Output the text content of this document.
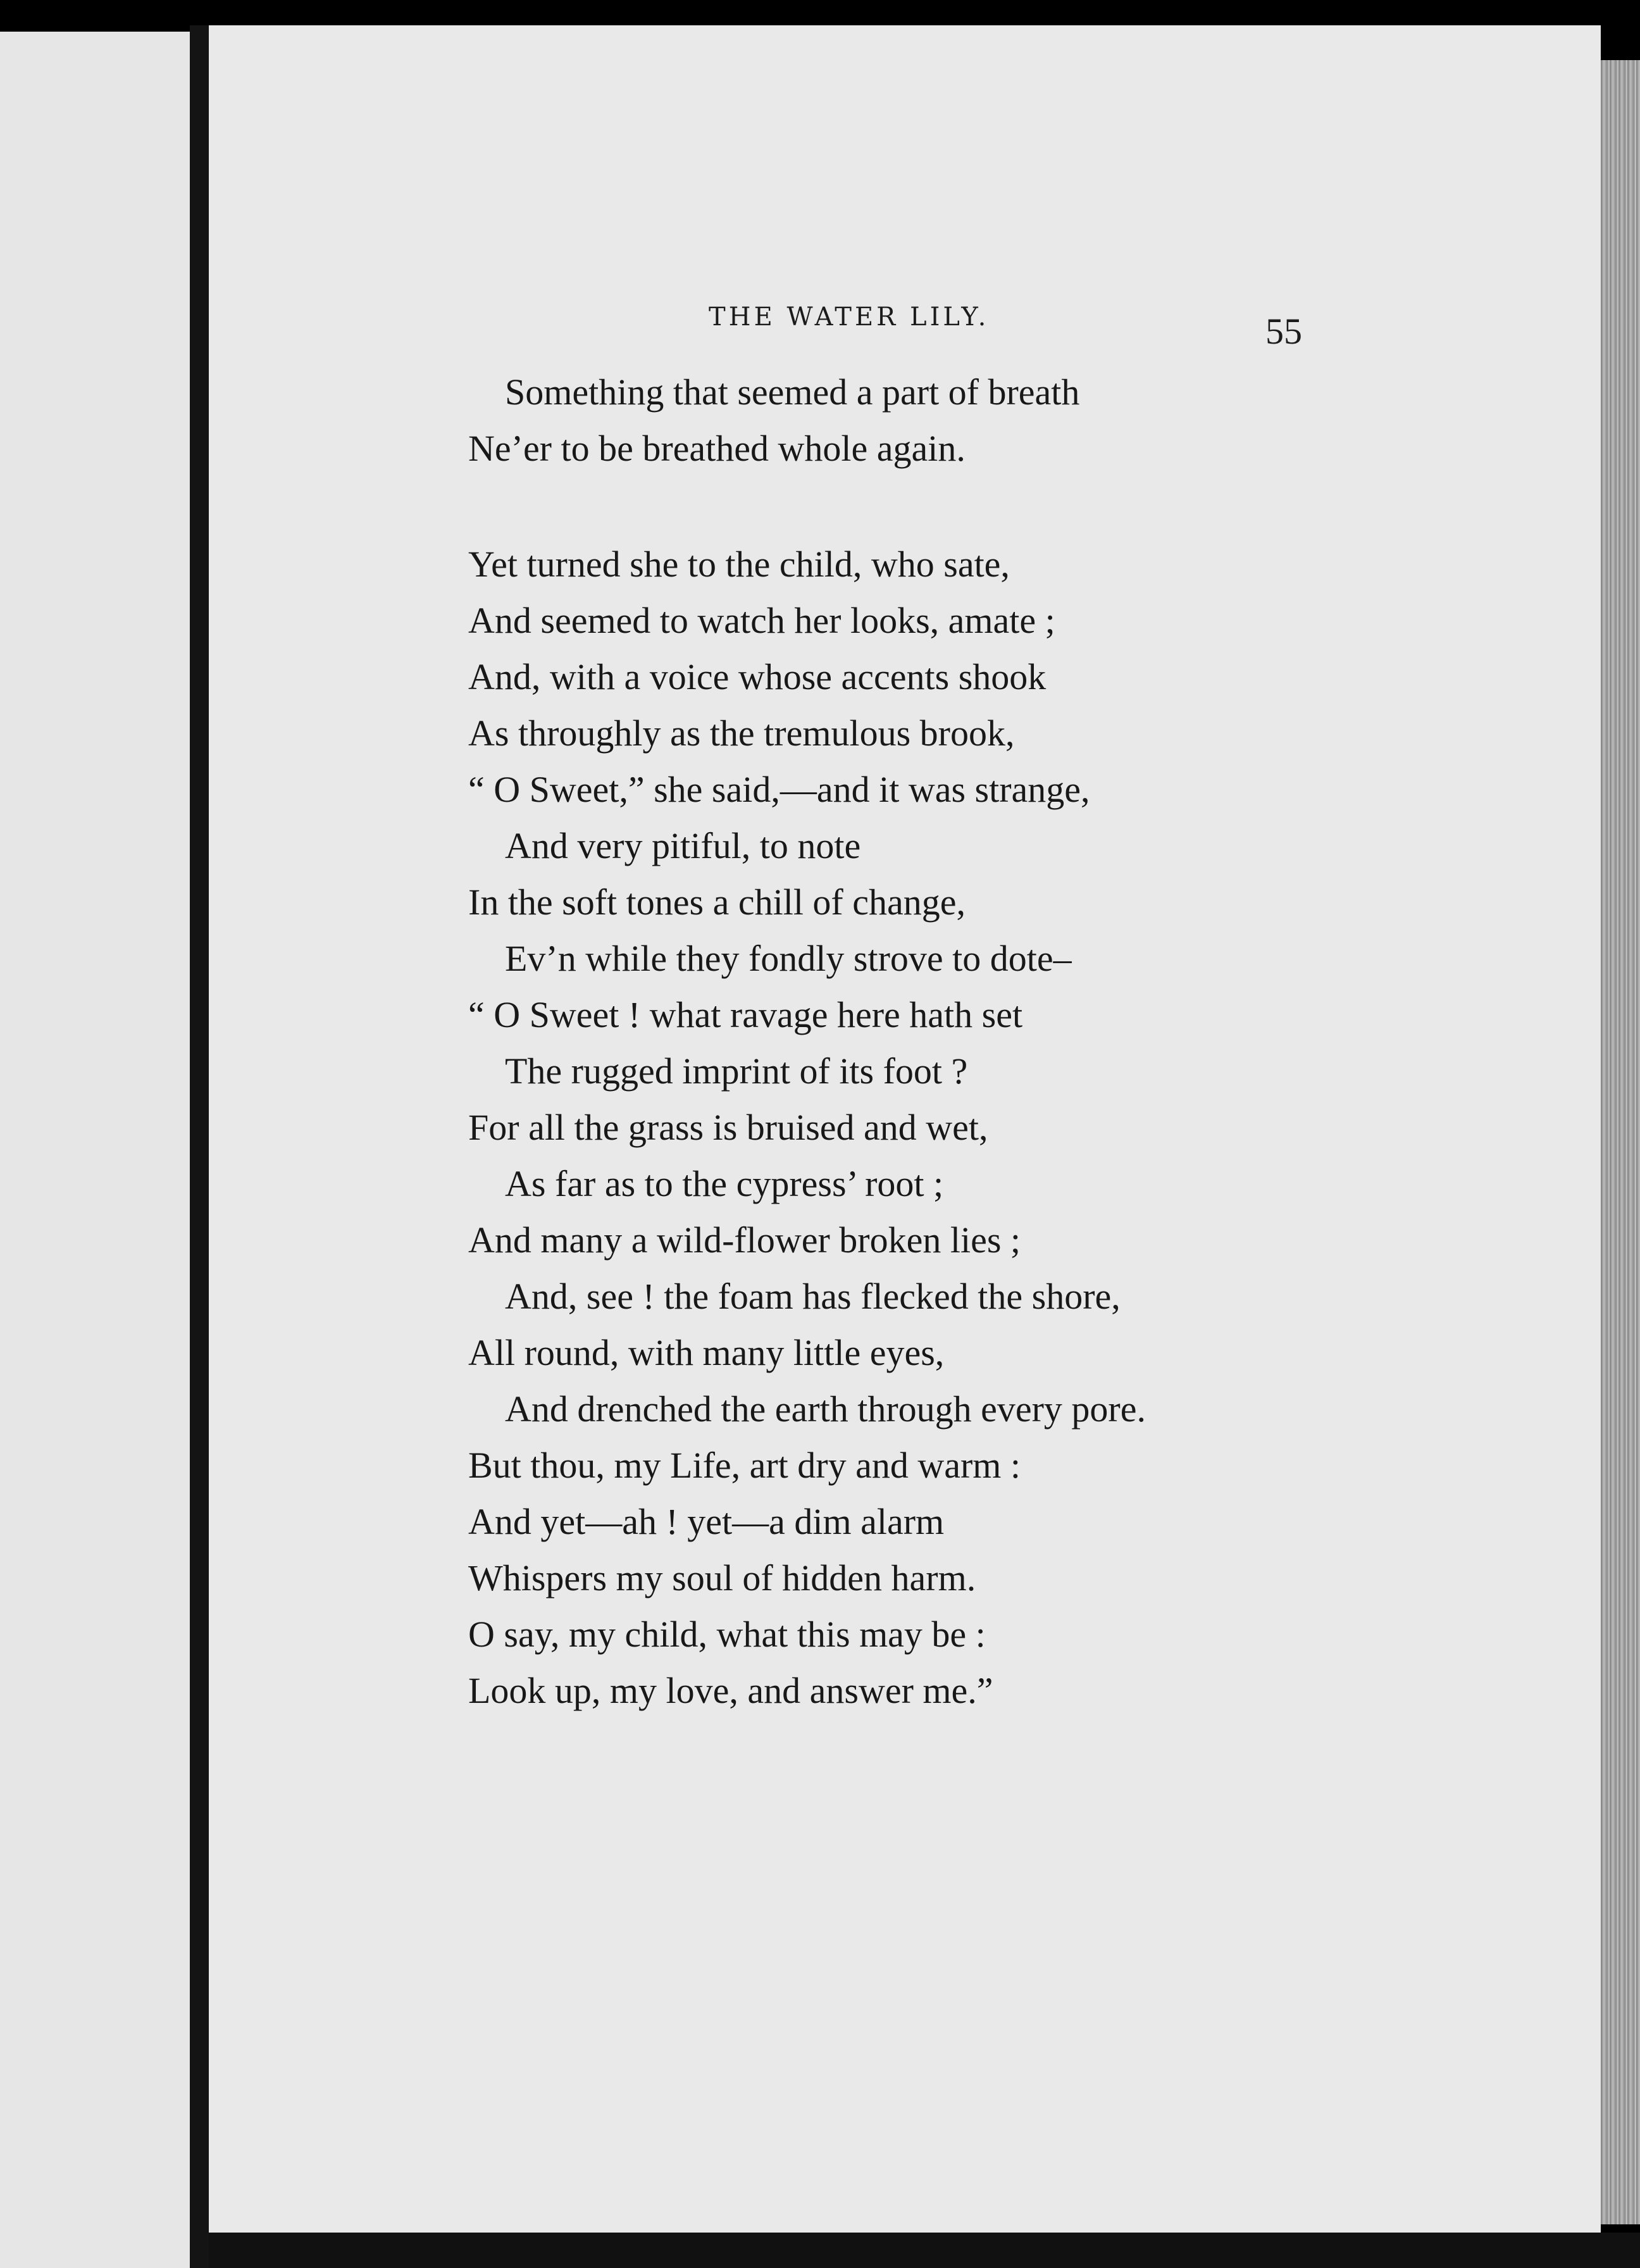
THE WATER LILY.	55
Something that seemed a part of breath
Ne’er to be breathed whole again.
Yet turned she to the child, who sate,
And seemed to watch her looks, amate ;
And, with a voice whose accents shook
As throughly as the tremulous brook,
“ O Sweet,” she said,—and it was strange,
And very pitiful, to note
In the soft tones a chill of change,
Ev’n while they fondly strove to dote–
“ O Sweet ! what ravage here hath set
The rugged imprint of its foot ?
For all the grass is bruised and wet,
As far as to the cypress’ root ;
And many a wild-flower broken lies ;
And, see ! the foam has flecked the shore,
All round, with many little eyes,
And drenched the earth through every pore.
But thou, my Life, art dry and warm :
And yet—ah ! yet—a dim alarm
Whispers my soul of hidden harm.
O say, my child, what this may be :
Look up, my love, and answer me.”
